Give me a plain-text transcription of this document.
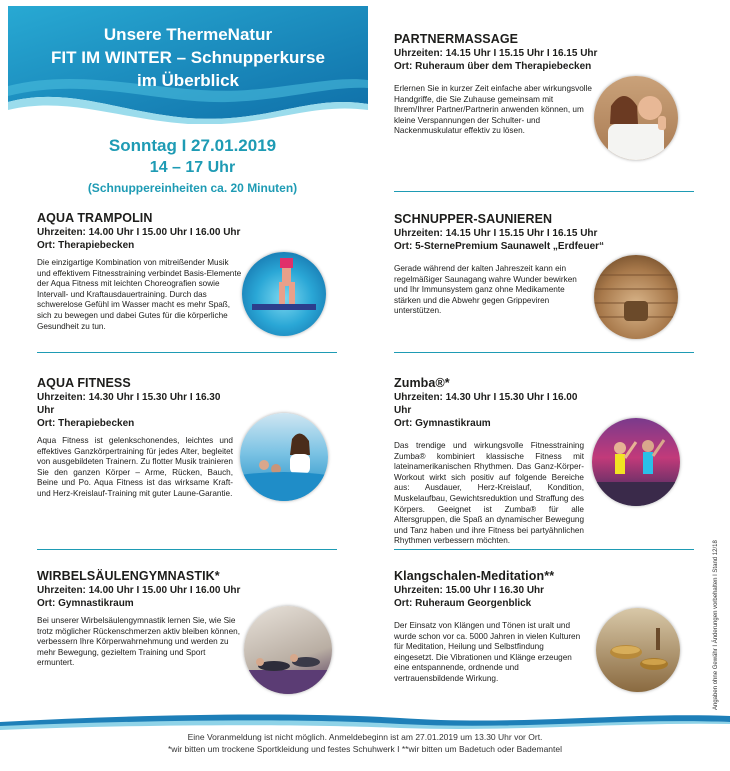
Unsere ThermeNatur
FIT IM WINTER – Schnupperkurse
im Überblick
Sonntag I 27.01.2019
14 – 17 Uhr
(Schnuppereinheiten ca. 20 Minuten)
AQUA TRAMPOLIN
Uhrzeiten: 14.00 Uhr I 15.00 Uhr I 16.00 Uhr
Ort: Therapiebecken
Die einzigartige Kombination von mitreißender Musik und effektivem Fitnesstraining verbindet Basis-Elemente der Aqua Fitness mit leichten Choreografien sowie Intervall- und Kraftausdauertraining. Durch das schwerelose Gefühl im Wasser macht es mehr Spaß, sich zu bewegen und dabei Gutes für die körperliche Gesundheit zu tun.
AQUA FITNESS
Uhrzeiten: 14.30 Uhr I 15.30 Uhr I 16.30 Uhr
Ort: Therapiebecken
Aqua Fitness ist gelenkschonendes, leichtes und effektives Ganzkörpertraining für jedes Alter, begleitet von ausgebildeten Trainern. Zu flotter Musik trainieren Sie den ganzen Körper – Arme, Rücken, Bauch, Beine und Po. Aqua Fitness ist das wirksame Kraft- und Herz-Kreislauf-Training mit guter Laune-Garantie.
WIRBELSÄULENGYMNASTIK*
Uhrzeiten: 14.00 Uhr I 15.00 Uhr I 16.00 Uhr
Ort: Gymnastikraum
Bei unserer Wirbelsäulengymnastik lernen Sie, wie Sie trotz möglicher Rückenschmerzen aktiv bleiben können, verbessern Ihre Körperwahrnehmung und werden zu mehr Bewegung, gezieltem Training und Sport ermuntert.
PARTNERMASSAGE
Uhrzeiten: 14.15 Uhr I 15.15 Uhr I 16.15 Uhr
Ort: Ruheraum über dem Therapiebecken
Erlernen Sie in kurzer Zeit einfache aber wirkungsvolle Handgriffe, die Sie Zuhause gemeinsam mit Ihrem/Ihrer Partner/Partnerin anwenden können, um kleine Verspannungen der Schulter- und Nackenmuskulatur effektiv zu lösen.
SCHNUPPER-SAUNIEREN
Uhrzeiten: 14.15 Uhr I 15.15 Uhr I 16.15 Uhr
Ort: 5-SternePremium Saunawelt „Erdfeuer“
Gerade während der kalten Jahreszeit kann ein regelmäßiger Saunagang wahre Wunder bewirken und Ihr Immunsystem ganz ohne Medikamente stärken und die Abwehr gegen Grippeviren unterstützen.
Zumba®*
Uhrzeiten: 14.30 Uhr I 15.30 Uhr I 16.00 Uhr
Ort: Gymnastikraum
Das trendige und wirkungsvolle Fitnesstraining Zumba® kombiniert klassische Fitness mit lateinamerikanischen Rhythmen. Das Ganz-Körper-Workout wirkt sich positiv auf folgende Bereiche aus: Ausdauer, Herz-Kreislauf, Kondition, Muskelaufbau, Gewichtsreduktion und Straffung des Körpers. Geeignet ist Zumba® für alle Altersgruppen, die Spaß an dynamischer Bewegung und Tanz haben und ihre Fitness bei partyähnlichen Rhythmen verbessern möchten.
Klangschalen-Meditation**
Uhrzeiten: 15.00 Uhr I 16.30 Uhr
Ort: Ruheraum Georgenblick
Der Einsatz von Klängen und Tönen ist uralt und wurde schon vor ca. 5000 Jahren in vielen Kulturen für Meditation, Heilung und Selbstfindung eingesetzt. Die Vibrationen und Klänge erzeugen eine entspannende, ordnende und vertrauensbildende Wirkung.	Angaben ohne Gewähr I Änderungen vorbehalten I Stand 12/18
Eine Voranmeldung ist nicht möglich. Anmeldebeginn ist am 27.01.2019 um 13.30 Uhr vor Ort.
*wir bitten um trockene Sportkleidung und festes Schuhwerk I **wir bitten um Badetuch oder Bademantel
